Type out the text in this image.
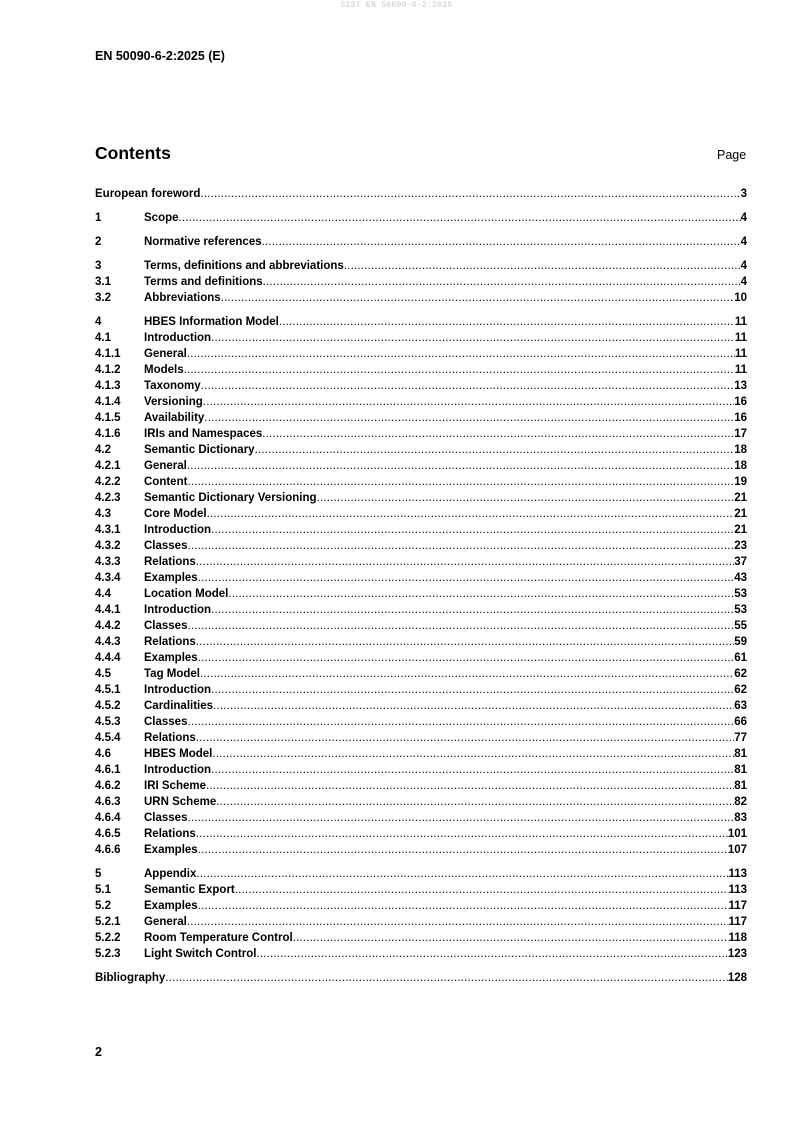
SIST EN 50090-6-2:2025
EN 50090-6-2:2025 (E)
Contents	Page
European foreword .....	3
1	Scope .....	4
2	Normative references .....	4
3	Terms, definitions and abbreviations .....	4
3.1	Terms and definitions .....	4
3.2	Abbreviations .....	10
4	HBES Information Model .....	11
4.1	Introduction .....	11
4.1.1	General .....	11
4.1.2	Models .....	11
4.1.3	Taxonomy .....	13
4.1.4	Versioning .....	16
4.1.5	Availability .....	16
4.1.6	IRIs and Namespaces .....	17
4.2	Semantic Dictionary .....	18
4.2.1	General .....	18
4.2.2	Content .....	19
4.2.3	Semantic Dictionary Versioning .....	21
4.3	Core Model .....	21
4.3.1	Introduction .....	21
4.3.2	Classes .....	23
4.3.3	Relations .....	37
4.3.4	Examples .....	43
4.4	Location Model .....	53
4.4.1	Introduction .....	53
4.4.2	Classes .....	55
4.4.3	Relations .....	59
4.4.4	Examples .....	61
4.5	Tag Model .....	62
4.5.1	Introduction .....	62
4.5.2	Cardinalities .....	63
4.5.3	Classes .....	66
4.5.4	Relations .....	77
4.6	HBES Model .....	81
4.6.1	Introduction .....	81
4.6.2	IRI Scheme .....	81
4.6.3	URN Scheme .....	82
4.6.4	Classes .....	83
4.6.5	Relations .....	101
4.6.6	Examples .....	107
5	Appendix .....	113
5.1	Semantic Export .....	113
5.2	Examples .....	117
5.2.1	General .....	117
5.2.2	Room Temperature Control .....	118
5.2.3	Light Switch Control .....	123
Bibliography .....	128
2
